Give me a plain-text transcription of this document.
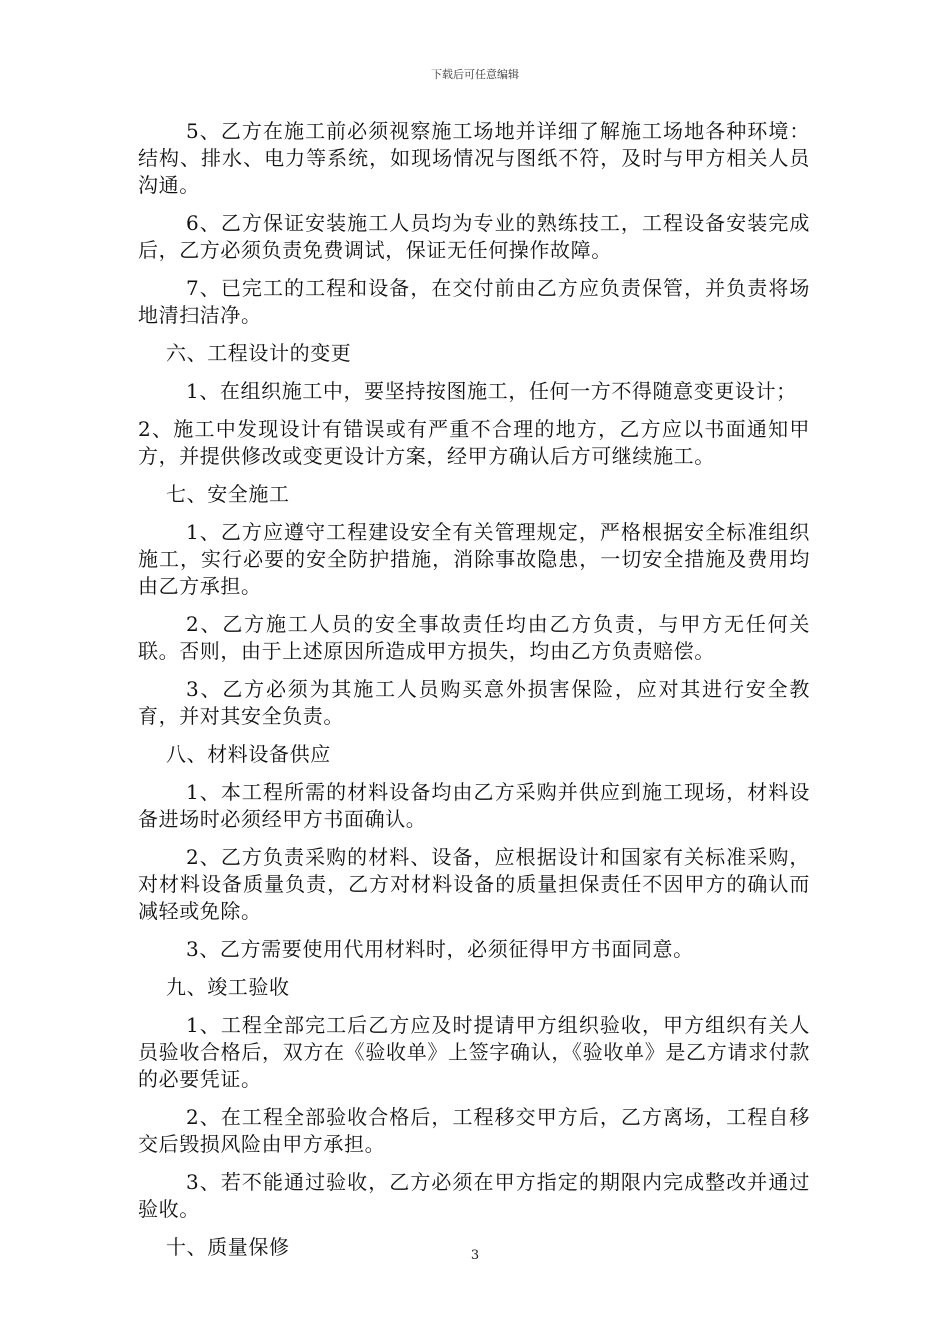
下载后可任意编辑

5、乙方在施工前必须视察施工场地并详细了解施工场地各种环境：结构、排水、电力等系统，如现场情况与图纸不符，及时与甲方相关人员沟通。

6、乙方保证安装施工人员均为专业的熟练技工，工程设备安装完成后，乙方必须负责免费调试，保证无任何操作故障。

7、已完工的工程和设备，在交付前由乙方应负责保管，并负责将场地清扫洁净。

六、工程设计的变更

1、在组织施工中，要坚持按图施工，任何一方不得随意变更设计；

2、施工中发现设计有错误或有严重不合理的地方，乙方应以书面通知甲方，并提供修改或变更设计方案，经甲方确认后方可继续施工。

七、安全施工

1、乙方应遵守工程建设安全有关管理规定，严格根据安全标准组织施工，实行必要的安全防护措施，消除事故隐患，一切安全措施及费用均由乙方承担。

2、乙方施工人员的安全事故责任均由乙方负责，与甲方无任何关联。否则，由于上述原因所造成甲方损失，均由乙方负责赔偿。

3、乙方必须为其施工人员购买意外损害保险，应对其进行安全教育，并对其安全负责。

八、材料设备供应

1、本工程所需的材料设备均由乙方采购并供应到施工现场，材料设备进场时必须经甲方书面确认。

2、乙方负责采购的材料、设备，应根据设计和国家有关标准采购，对材料设备质量负责，乙方对材料设备的质量担保责任不因甲方的确认而减轻或免除。

3、乙方需要使用代用材料时，必须征得甲方书面同意。

九、竣工验收

1、工程全部完工后乙方应及时提请甲方组织验收，甲方组织有关人员验收合格后，双方在《验收单》上签字确认，《验收单》是乙方请求付款的必要凭证。

2、在工程全部验收合格后，工程移交甲方后，乙方离场，工程自移交后毁损风险由甲方承担。

3、若不能通过验收，乙方必须在甲方指定的期限内完成整改并通过验收。

十、质量保修	3
